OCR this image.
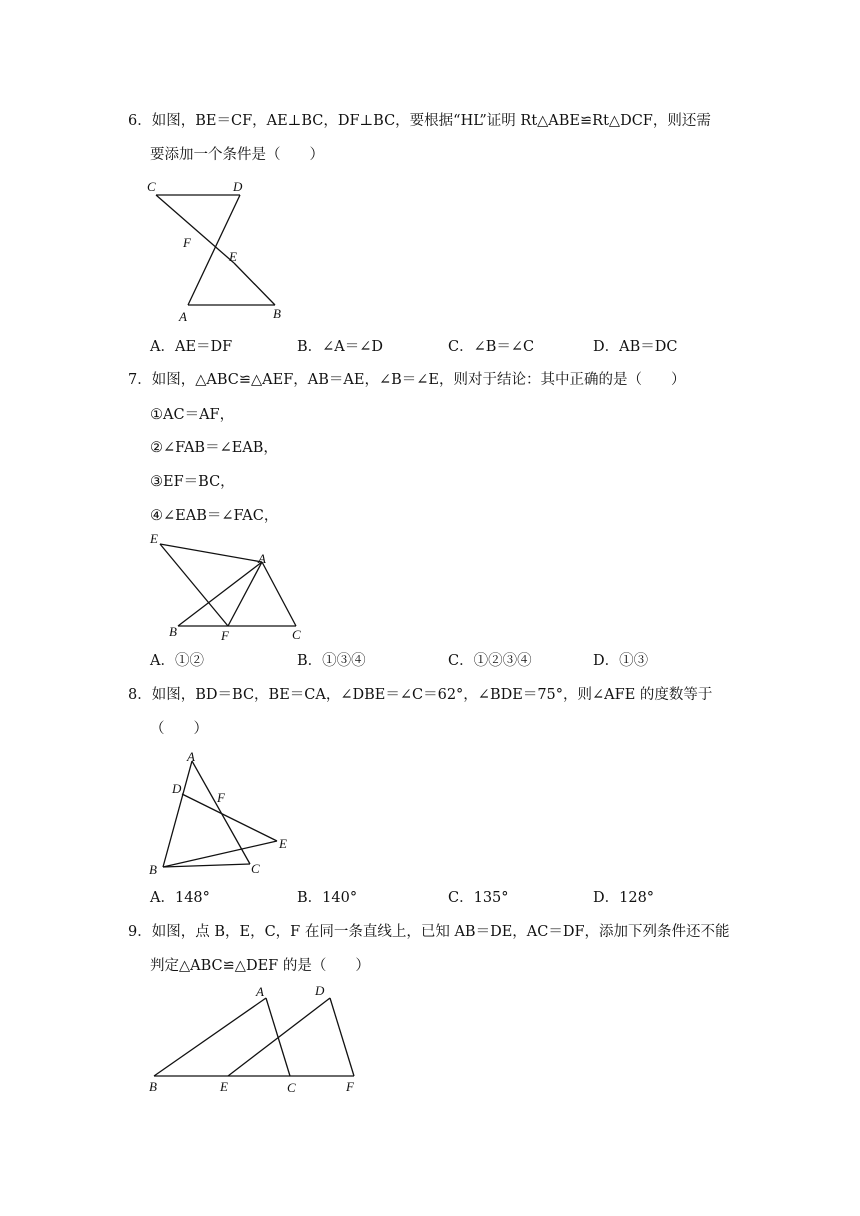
6．如图，BE＝CF，AE⊥BC，DF⊥BC，要根据“HL”证明 Rt△ABE≌Rt△DCF，则还需
要添加一个条件是（　　）
C	D
F
E
A	B
A．AE＝DF	B．∠A＝∠D	C．∠B＝∠C	D．AB＝DC
7．如图，△ABC≌△AEF，AB＝AE，∠B＝∠E，则对于结论：其中正确的是（　　）
①AC＝AF，
②∠FAB＝∠EAB，
③EF＝BC，
④∠EAB＝∠FAC，
E
A
B	F	C
A．①②	B．①③④	C．①②③④	D．①③
8．如图，BD＝BC，BE＝CA，∠DBE＝∠C＝62°，∠BDE＝75°，则∠AFE 的度数等于
（　　）
A
D
F
E
B	C
A．148°	B．140°	C．135°	D．128°
9．如图，点 B，E，C，F 在同一条直线上，已知 AB＝DE，AC＝DF，添加下列条件还不能
判定△ABC≌△DEF 的是（　　）
A	D
B	E	C	F
